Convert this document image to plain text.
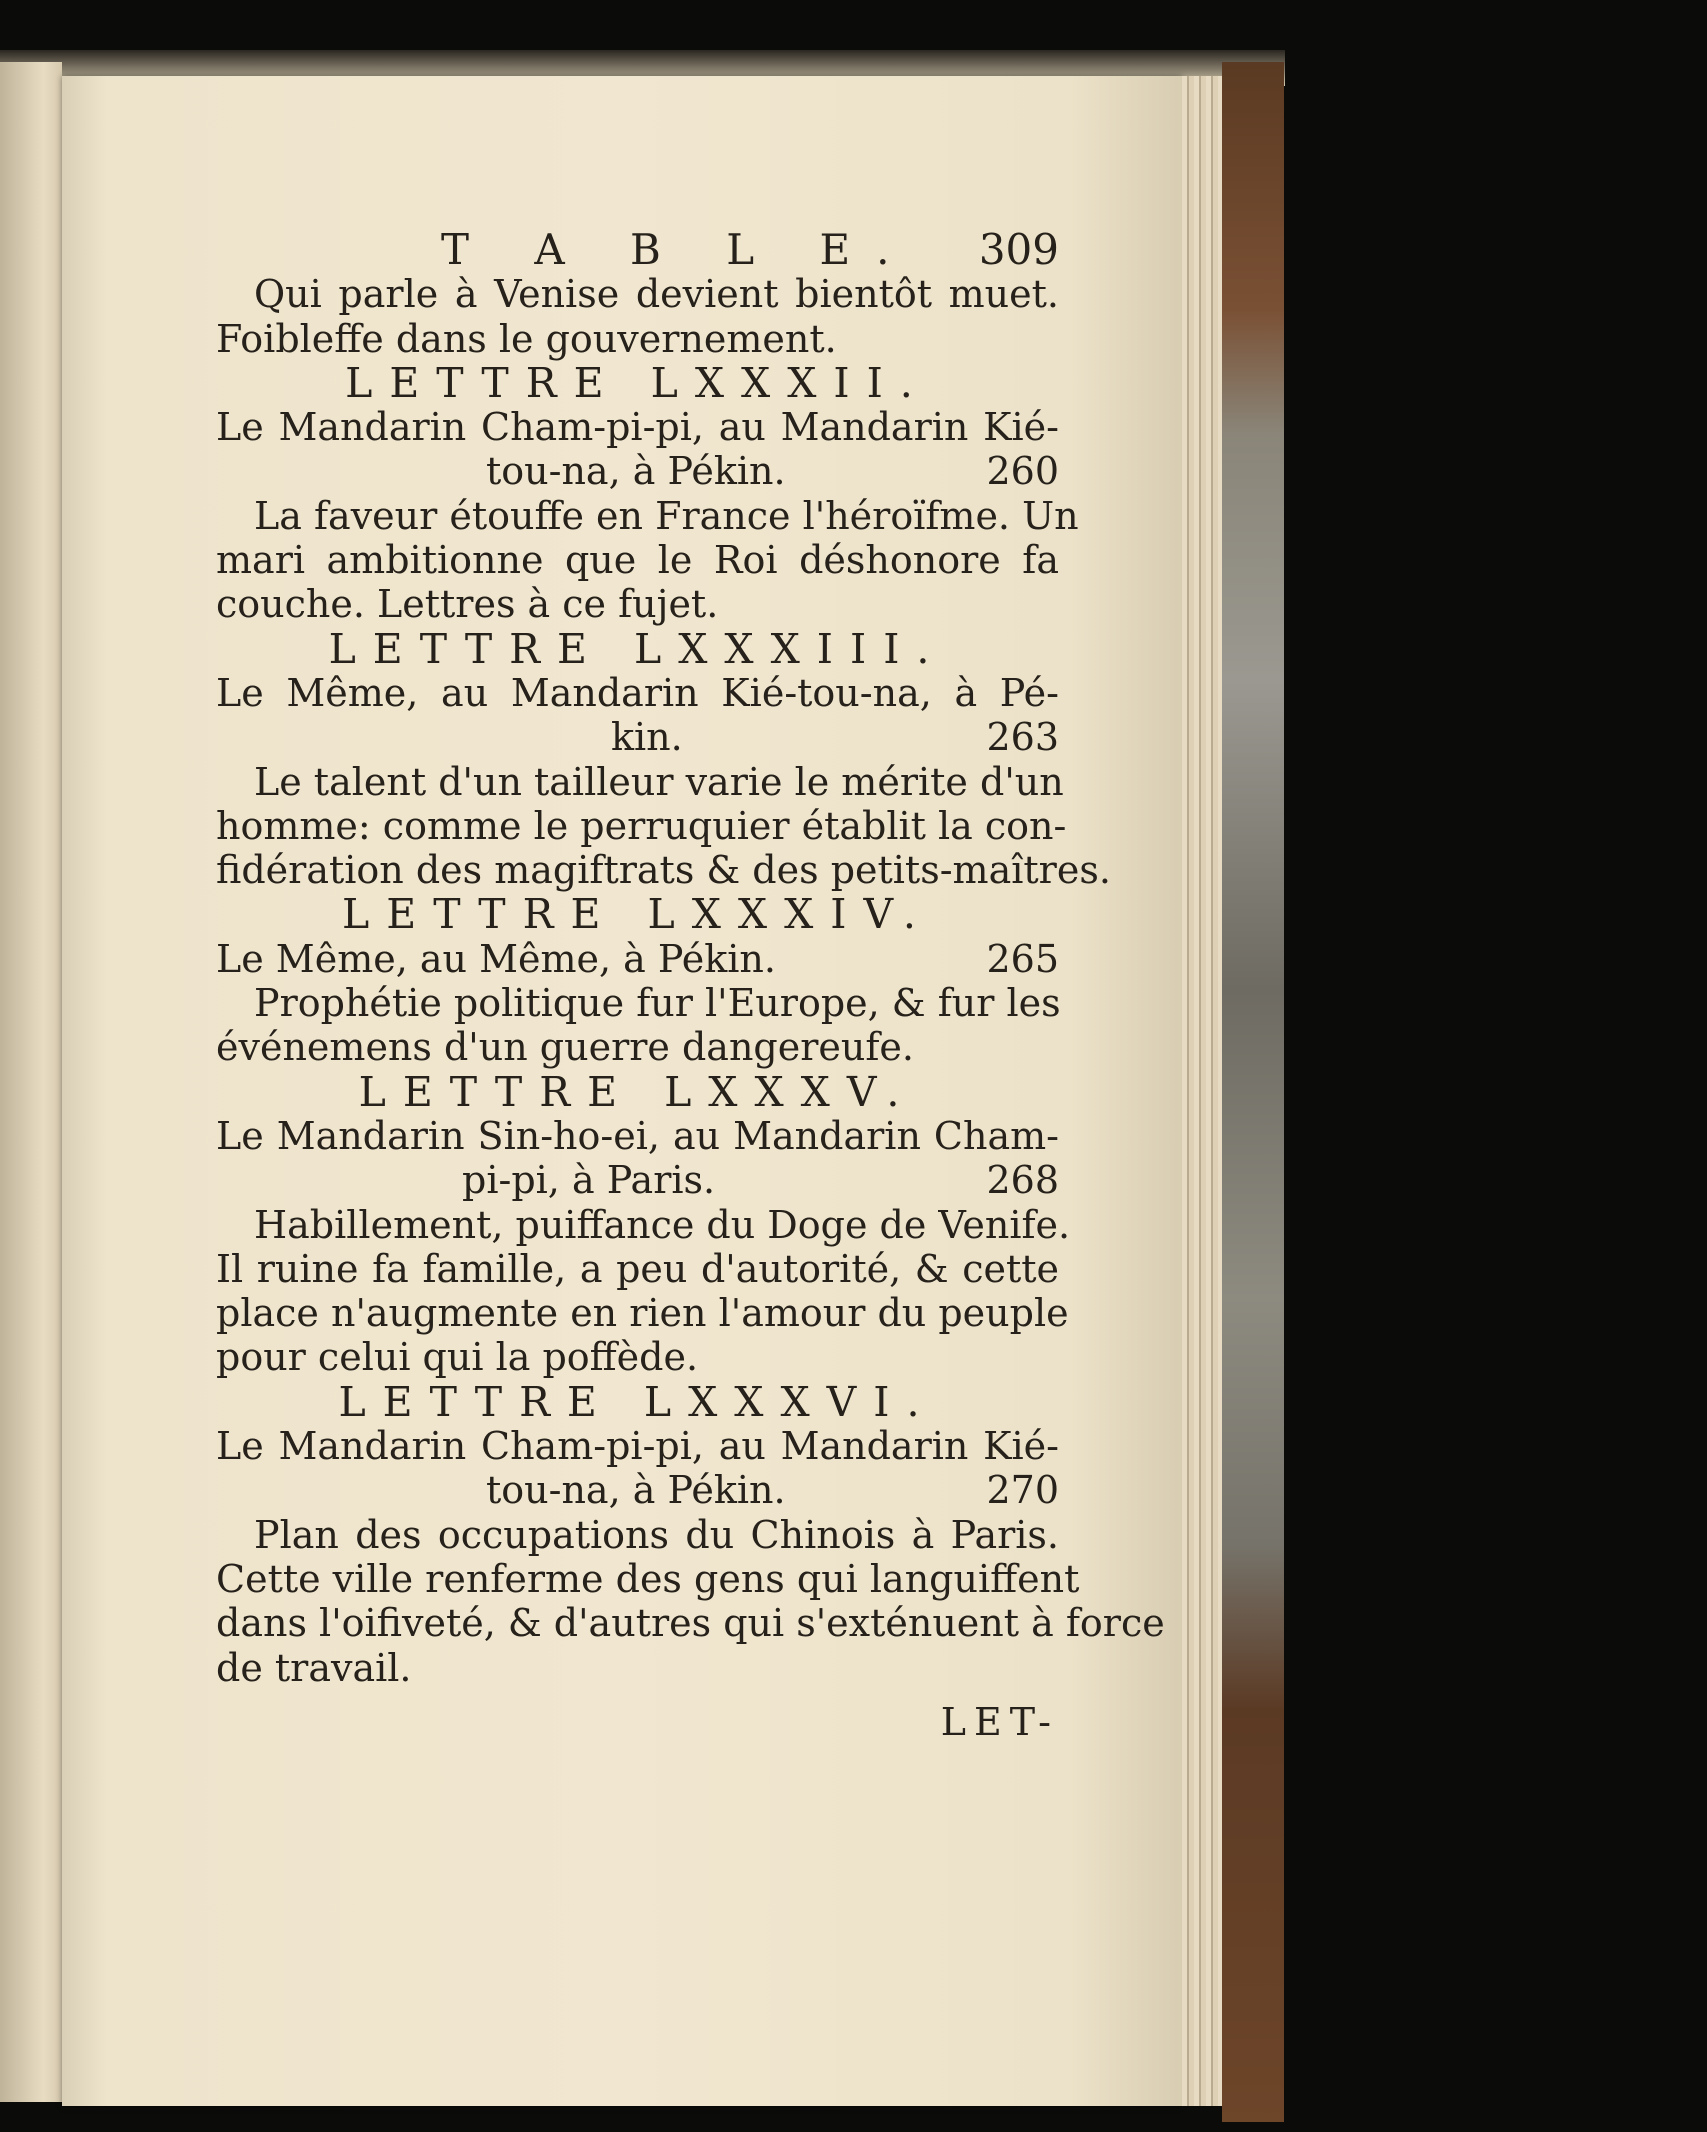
T A B L E. 309
Qui parle à Venise devient bientôt muet.
Foibleffe dans le gouvernement.
LETTRE LXXXII.
Le Mandarin Cham-pi-pi, au Mandarin Kié-
tou-na, à Pékin.	260
La faveur étouffe en France l'héroïfme. Un
mari ambitionne que le Roi déshonore fa
couche. Lettres à ce fujet.
LETTRE LXXXIII.
Le Même, au Mandarin Kié-tou-na, à Pé-
kin.	263
Le talent d'un tailleur varie le mérite d'un
homme: comme le perruquier établit la con-
fidération des magiftrats & des petits-maîtres.
LETTRE LXXXIV.
Le Même, au Même, à Pékin.	265
Prophétie politique fur l'Europe, & fur les
événemens d'un guerre dangereufe.
LETTRE LXXXV.
Le Mandarin Sin-ho-ei, au Mandarin Cham-
pi-pi, à Paris.	268
Habillement, puiffance du Doge de Venife.
Il ruine fa famille, a peu d'autorité, & cette
place n'augmente en rien l'amour du peuple
pour celui qui la poffède.
LETTRE LXXXVI.
Le Mandarin Cham-pi-pi, au Mandarin Kié-
tou-na, à Pékin.	270
Plan des occupations du Chinois à Paris.
Cette ville renferme des gens qui languiffent
dans l'oifiveté, & d'autres qui s'exténuent à force
de travail.
LET-
